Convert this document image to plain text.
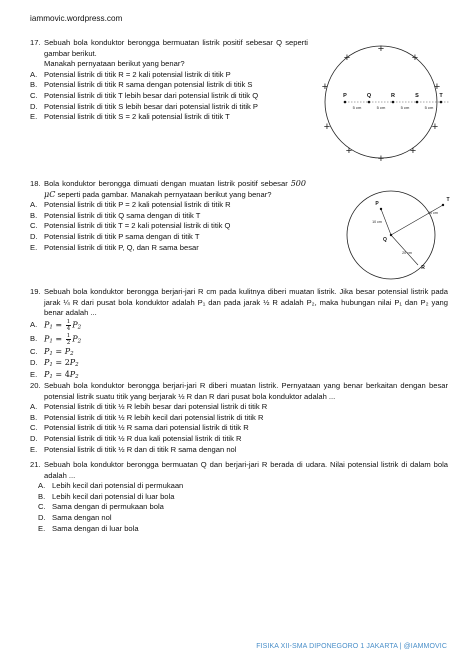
iammovic.wordpress.com
17. Sebuah bola konduktor berongga bermuatan listrik positif sebesar Q seperti gambar berikut.
Manakah pernyataan berikut yang benar?
A. Potensial listrik di titik R = 2 kali potensial listrik di titik P
B. Potensial listrik di titik R sama dengan potensial listrik di titik S
C. Potensial listrik di titik T lebih besar dari potensial listrik di titik Q
D. Potensial listrik di titik S lebih besar dari potensial listrik di titik P
E. Potensial listrik di titik S = 2 kali potensial listrik di titik T
+
+	+
+	+
+	+
+	+
+
P	Q	R	S	T
5 cm	5 cm	5 cm	5 cm
18. Bola konduktor berongga dimuati dengan muatan listrik positif sebesar 500 μC seperti pada gambar. Manakah pernyataan berikut yang benar?
A. Potensial listrik di titik P = 2 kali potensial listrik di titik R
B. Potensial listrik di titik Q sama dengan di titik T
C. Potensial listrik di titik T = 2 kali potensial listrik di titik Q
D. Potensial listrik di titik P sama dengan di titik T
E. Potensial listrik di titik P, Q, dan R sama besar
P
Q
R
T
10 cm
20 cm
10 cm
19. Sebuah bola konduktor berongga berjari-jari R cm pada kulitnya diberi muatan listrik. Jika besar potensial listrik pada jarak ¼ R dari pusat bola konduktor adalah P₁ dan pada jarak ½ R adalah P₂, maka hubungan nilai P₁ dan P₂ yang benar adalah ...
A. $P1 = \frac{1}{4} P2$
B. $P1 = \frac{1}{2} P2$
C. P1 = P2
D. P1 = 2P2
E. P1 = 4P2
20. Sebuah bola konduktor berongga berjari-jari R diberi muatan listrik. Pernyataan yang benar berkaitan dengan besar potensial listrik suatu titik yang berjarak ½ R dan R dari pusat bola konduktor adalah ...
A. Potensial listrik di titik ½ R lebih besar dari potensial listrik di titik R
B. Potensial listrik di titik ½ R lebih kecil dari potensial listrik di titik R
C. Potensial listrik di titik ½ R sama dari potensial listrik di titik R
D. Potensial listrik di titik ½ R dua kali potensial listrik di titik R
E. Potensial listrik di titik ½ R dan di titik R sama dengan nol
21. Sebuah bola konduktor berongga bermuatan Q dan berjari-jari R berada di udara. Nilai potensial listrik di dalam bola adalah ...
A. Lebih kecil dari potensial di permukaan
B. Lebih kecil dari potensial di luar bola
C. Sama dengan di permukaan bola
D. Sama dengan nol
E. Sama dengan di luar bola
FISIKA XII-SMA DIPONEGORO 1 JAKARTA | @IAMMOVIC
